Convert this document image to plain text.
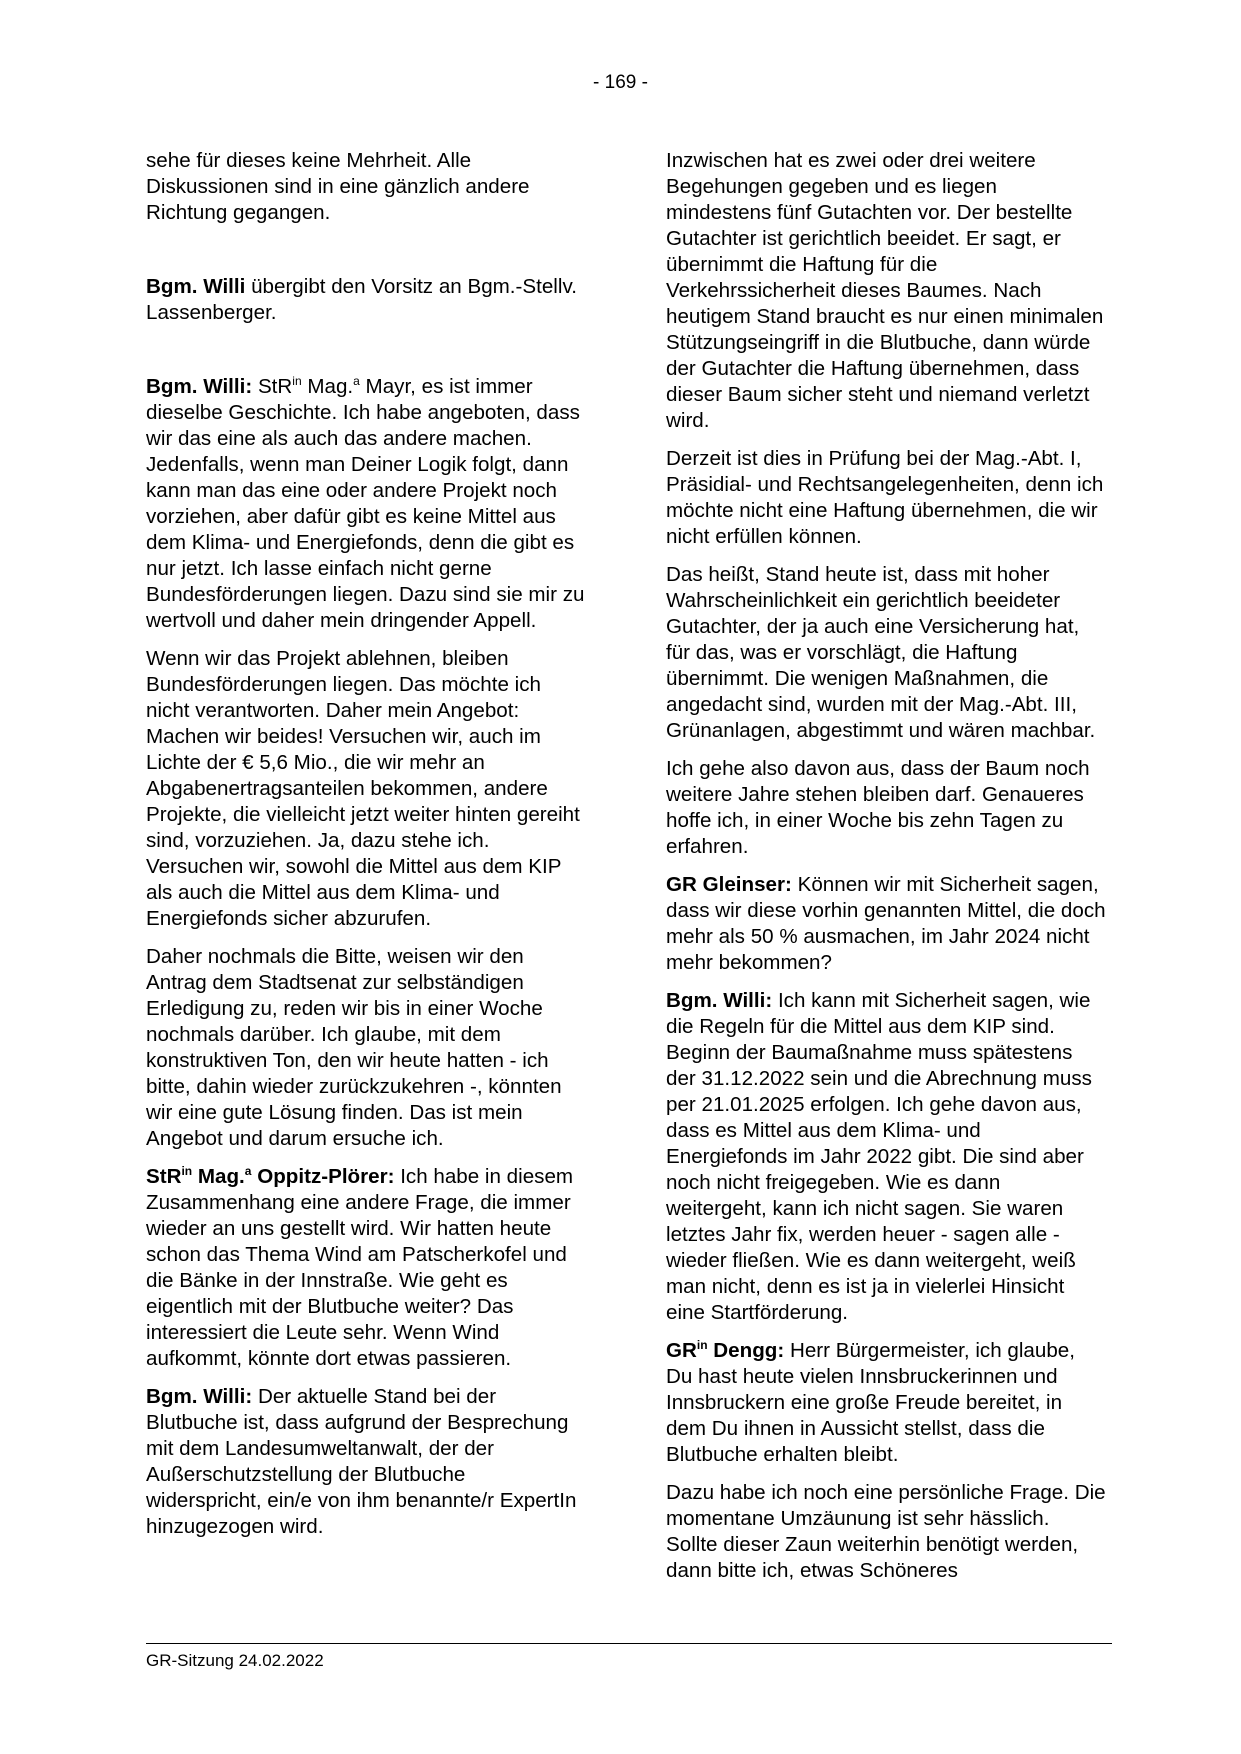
- 169 -

sehe für dieses keine Mehrheit. Alle Diskussionen sind in eine gänzlich andere Richtung gegangen.

Bgm. Willi übergibt den Vorsitz an Bgm.-Stellv. Lassenberger.

Bgm. Willi: StR$^{in}$ Mag.$^a$ Mayr, es ist immer dieselbe Geschichte. Ich habe angeboten, dass wir das eine als auch das andere machen. Jedenfalls, wenn man Deiner Logik folgt, dann kann man das eine oder andere Projekt noch vorziehen, aber dafür gibt es keine Mittel aus dem Klima- und Energiefonds, denn die gibt es nur jetzt. Ich lasse einfach nicht gerne Bundesförderungen liegen. Dazu sind sie mir zu wertvoll und daher mein dringender Appell.

Wenn wir das Projekt ablehnen, bleiben Bundesförderungen liegen. Das möchte ich nicht verantworten. Daher mein Angebot: Machen wir beides! Versuchen wir, auch im Lichte der € 5,6 Mio., die wir mehr an Abgabenertragsanteilen bekommen, andere Projekte, die vielleicht jetzt weiter hinten gereiht sind, vorzuziehen. Ja, dazu stehe ich. Versuchen wir, sowohl die Mittel aus dem KIP als auch die Mittel aus dem Klima- und Energiefonds sicher abzurufen.

Daher nochmals die Bitte, weisen wir den Antrag dem Stadtsenat zur selbständigen Erledigung zu, reden wir bis in einer Woche nochmals darüber. Ich glaube, mit dem konstruktiven Ton, den wir heute hatten - ich bitte, dahin wieder zurückzukehren -, könnten wir eine gute Lösung finden. Das ist mein Angebot und darum ersuche ich.

StR$^{in}$ Mag.$^a$ Oppitz-Plörer: Ich habe in diesem Zusammenhang eine andere Frage, die immer wieder an uns gestellt wird. Wir hatten heute schon das Thema Wind am Patscherkofel und die Bänke in der Innstraße. Wie geht es eigentlich mit der Blutbuche weiter? Das interessiert die Leute sehr. Wenn Wind aufkommt, könnte dort etwas passieren.

Bgm. Willi: Der aktuelle Stand bei der Blutbuche ist, dass aufgrund der Besprechung mit dem Landesumweltanwalt, der der Außerschutzstellung der Blutbuche widerspricht, ein/e von ihm benannte/r ExpertIn hinzugezogen wird.

Inzwischen hat es zwei oder drei weitere Begehungen gegeben und es liegen mindestens fünf Gutachten vor. Der bestellte Gutachter ist gerichtlich beeidet. Er sagt, er übernimmt die Haftung für die Verkehrssicherheit dieses Baumes. Nach heutigem Stand braucht es nur einen minimalen Stützungseingriff in die Blutbuche, dann würde der Gutachter die Haftung übernehmen, dass dieser Baum sicher steht und niemand verletzt wird.

Derzeit ist dies in Prüfung bei der Mag.-Abt. I, Präsidial- und Rechtsangelegenheiten, denn ich möchte nicht eine Haftung übernehmen, die wir nicht erfüllen können.

Das heißt, Stand heute ist, dass mit hoher Wahrscheinlichkeit ein gerichtlich beeideter Gutachter, der ja auch eine Versicherung hat, für das, was er vorschlägt, die Haftung übernimmt. Die wenigen Maßnahmen, die angedacht sind, wurden mit der Mag.-Abt. III, Grünanlagen, abgestimmt und wären machbar.

Ich gehe also davon aus, dass der Baum noch weitere Jahre stehen bleiben darf. Genaueres hoffe ich, in einer Woche bis zehn Tagen zu erfahren.

GR Gleinser: Können wir mit Sicherheit sagen, dass wir diese vorhin genannten Mittel, die doch mehr als 50 % ausmachen, im Jahr 2024 nicht mehr bekommen?

Bgm. Willi: Ich kann mit Sicherheit sagen, wie die Regeln für die Mittel aus dem KIP sind. Beginn der Baumaßnahme muss spätestens der 31.12.2022 sein und die Abrechnung muss per 21.01.2025 erfolgen. Ich gehe davon aus, dass es Mittel aus dem Klima- und Energiefonds im Jahr 2022 gibt. Die sind aber noch nicht freigegeben. Wie es dann weitergeht, kann ich nicht sagen. Sie waren letztes Jahr fix, werden heuer - sagen alle - wieder fließen. Wie es dann weitergeht, weiß man nicht, denn es ist ja in vielerlei Hinsicht eine Startförderung.

$GR^{in}$ Dengg: Herr Bürgermeister, ich glaube, Du hast heute vielen Innsbruckerinnen und Innsbruckern eine große Freude bereitet, in dem Du ihnen in Aussicht stellst, dass die Blutbuche erhalten bleibt.

Dazu habe ich noch eine persönliche Frage. Die momentane Umzäunung ist sehr hässlich. Sollte dieser Zaun weiterhin benötigt werden, dann bitte ich, etwas Schöneres

GR-Sitzung 24.02.2022
